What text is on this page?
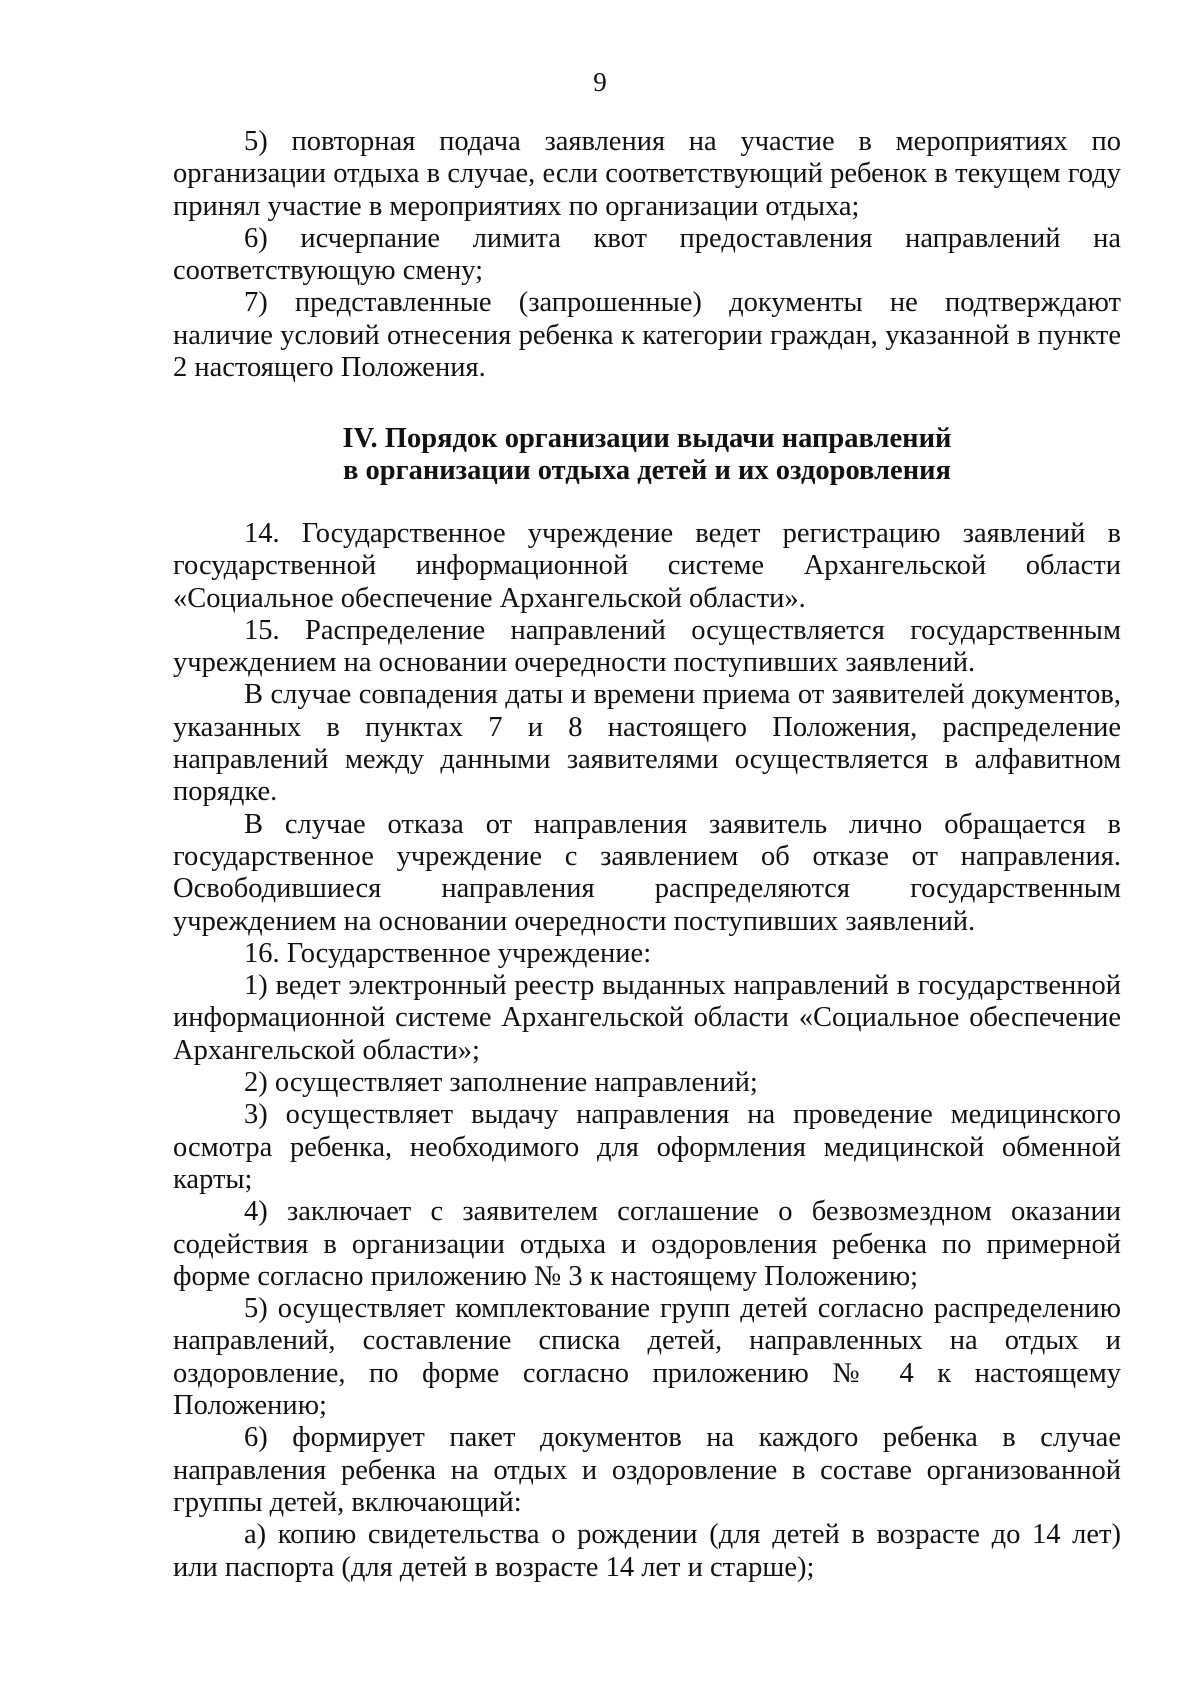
9

5) повторная подача заявления на участие в мероприятиях по организации отдыха в случае, если соответствующий ребенок в текущем году принял участие в мероприятиях по организации отдыха;

6) исчерпание лимита квот предоставления направлений на соответствующую смену;

7) представленные (запрошенные) документы не подтверждают наличие условий отнесения ребенка к категории граждан, указанной в пункте 2 настоящего Положения.

IV. Порядок организации выдачи направлений
в организации отдыха детей и их оздоровления

14. Государственное учреждение ведет регистрацию заявлений в государственной информационной системе Архангельской области «Социальное обеспечение Архангельской области».

15. Распределение направлений осуществляется государственным учреждением на основании очередности поступивших заявлений.

В случае совпадения даты и времени приема от заявителей документов, указанных в пунктах 7 и 8 настоящего Положения, распределение направлений между данными заявителями осуществляется в алфавитном порядке.

В случае отказа от направления заявитель лично обращается в государственное учреждение с заявлением об отказе от направления. Освободившиеся направления распределяются государственным учреждением на основании очередности поступивших заявлений.

16. Государственное учреждение:

1) ведет электронный реестр выданных направлений в государственной информационной системе Архангельской области «Социальное обеспечение Архангельской области»;

2) осуществляет заполнение направлений;

3) осуществляет выдачу направления на проведение медицинского осмотра ребенка, необходимого для оформления медицинской обменной карты;

4) заключает с заявителем соглашение о безвозмездном оказании содействия в организации отдыха и оздоровления ребенка по примерной форме согласно приложению № 3 к настоящему Положению;

5) осуществляет комплектование групп детей согласно распределению направлений, составление списка детей, направленных на отдых и оздоровление, по форме согласно приложению № 4 к настоящему Положению;

6) формирует пакет документов на каждого ребенка в случае направления ребенка на отдых и оздоровление в составе организованной группы детей, включающий:

а) копию свидетельства о рождении (для детей в возрасте до 14 лет) или паспорта (для детей в возрасте 14 лет и старше);
